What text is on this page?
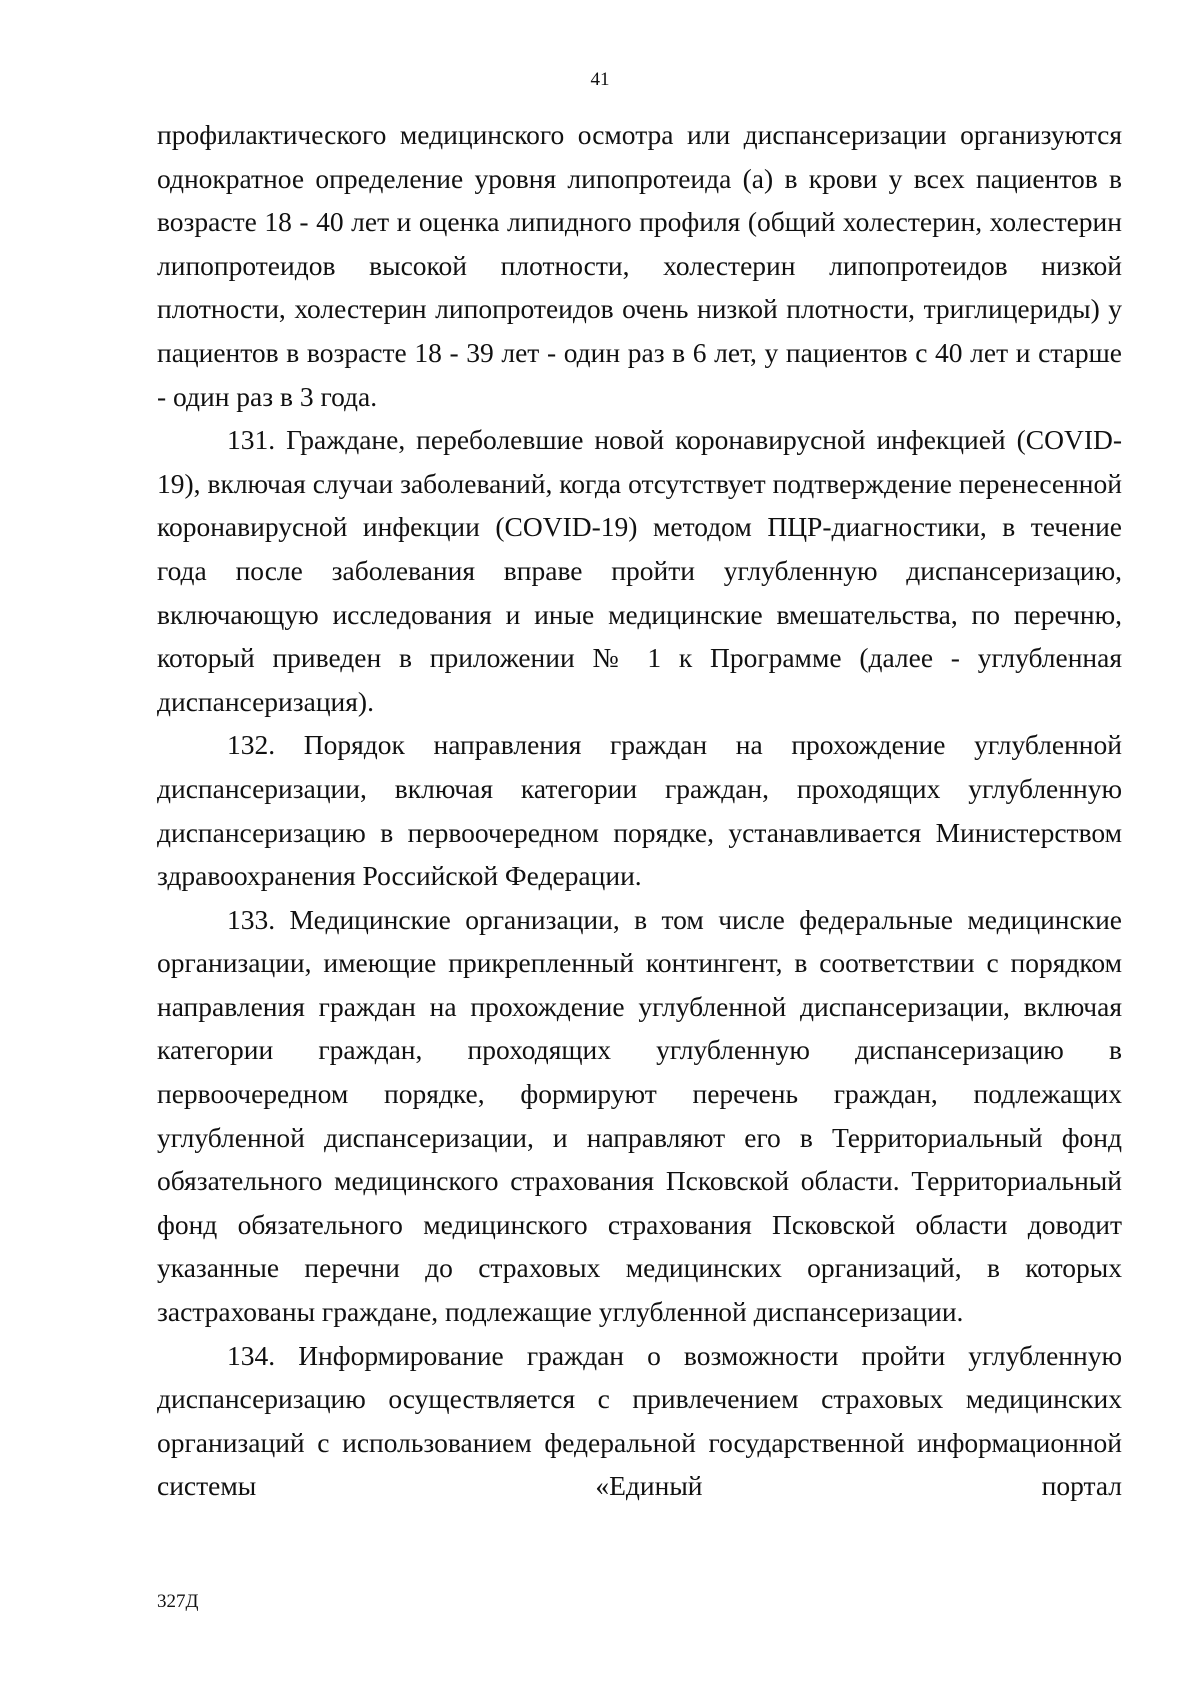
41

профилактического медицинского осмотра или диспансеризации организуются однократное определение уровня липопротеида (а) в крови у всех пациентов в возрасте 18 - 40 лет и оценка липидного профиля (общий холестерин, холестерин липопротеидов высокой плотности, холестерин липопротеидов низкой плотности, холестерин липопротеидов очень низкой плотности, триглицериды) у пациентов в возрасте 18 - 39 лет - один раз в 6 лет, у пациентов с 40 лет и старше - один раз в 3 года.

131. Граждане, переболевшие новой коронавирусной инфекцией (COVID-19), включая случаи заболеваний, когда отсутствует подтверждение перенесенной коронавирусной инфекции (COVID-19) методом ПЦР-диагностики, в течение года после заболевания вправе пройти углубленную диспансеризацию, включающую исследования и иные медицинские вмешательства, по перечню, который приведен в приложении № 1 к Программе (далее - углубленная диспансеризация).

132. Порядок направления граждан на прохождение углубленной диспансеризации, включая категории граждан, проходящих углубленную диспансеризацию в первоочередном порядке, устанавливается Министерством здравоохранения Российской Федерации.

133. Медицинские организации, в том числе федеральные медицинские организации, имеющие прикрепленный контингент, в соответствии с порядком направления граждан на прохождение углубленной диспансеризации, включая категории граждан, проходящих углубленную диспансеризацию в первоочередном порядке, формируют перечень граждан, подлежащих углубленной диспансеризации, и направляют его в Территориальный фонд обязательного медицинского страхования Псковской области. Территориальный фонд обязательного медицинского страхования Псковской области доводит указанные перечни до страховых медицинских организаций, в которых застрахованы граждане, подлежащие углубленной диспансеризации.

134. Информирование граждан о возможности пройти углубленную диспансеризацию осуществляется с привлечением страховых медицинских организаций с использованием федеральной государственной информационной системы «Единый портал

327Д
